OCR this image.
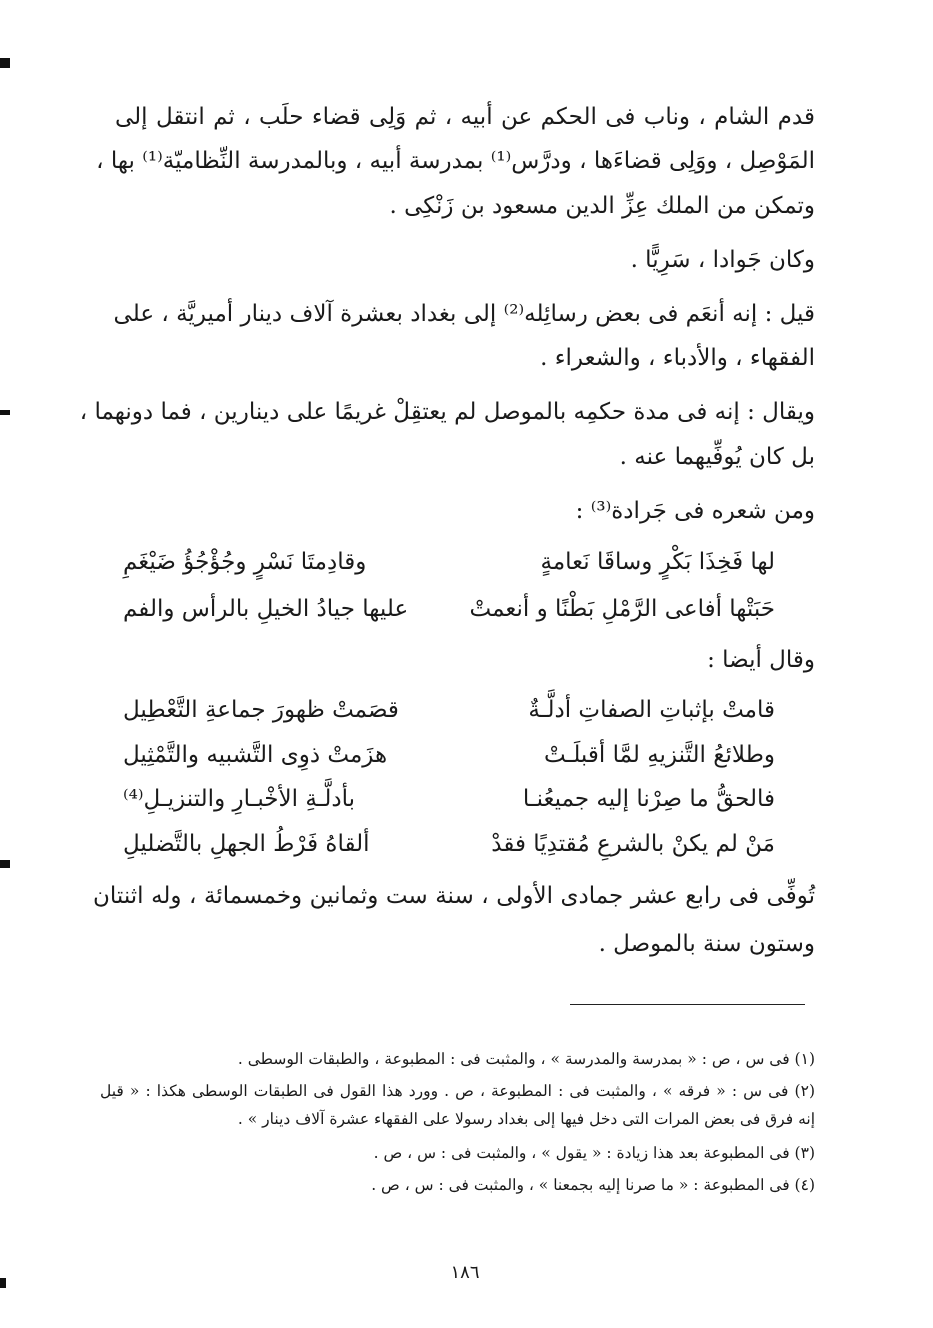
قدم الشام ، وناب فى الحكم عن أبيه ، ثم وَلِى قضاء حلَب ، ثم انتقل إلى
المَوْصِل ، ووَلِى قضاءَها ، ودرَّس⁽¹⁾ بمدرسة أبيه ، وبالمدرسة النِّظاميّة⁽¹⁾ بها ،
وتمكن من الملك عِزِّ الدين مسعود بن زَنْكِى .
وكان جَوادا ، سَرِيًّا .
قيل : إنه أنعَم فى بعض رسائِله⁽²⁾ إلى بغداد بعشرة آلاف دينار أميريَّة ، على
الفقهاء ، والأدباء ، والشعراء .
ويقال : إنه فى مدة حكمِه بالموصل لم يعتقِلْ غريمًا على دينارين ، فما دونهما ،
بل كان يُوفِّيهما عنه .
ومن شعره فى جَرادة⁽³⁾ :
لها فَخِذَا بَكْرٍ وساقَا نَعامةٍ
وقادِمتَا نَسْرٍ وجُؤْجُؤُ ضَيْغَمِ
حَبَتْها أفاعى الرَّمْلِ بَطْنًا و أنعمتْ
عليها جيادُ الخيلِ بالرأس والفم
وقال أيضا :
قامتْ بإثباتِ الصفاتِ أدلَّـةٌ
قصَمتْ ظهورَ جماعةِ التَّعْطِيل
وطلائعُ التَّنزيهِ لمَّا أقبلَـتْ
هزَمتْ ذوِى التَّشبيه والتَّمْثِيل
فالحقُّ ما صِرْنا إليه جميعُنـا
بأدلَّـةِ الأخْبـارِ والتنزيـلِ⁽⁴⁾
مَنْ لم يكنْ بالشرعِ مُقتدِيًا فقدْ
ألقاهُ فَرْطُ الجهلِ بالتَّضليلِ
تُوفِّى فى رابع عشر جمادى الأولى ، سنة ست وثمانين وخمسمائة ، وله اثنتان
وستون سنة بالموصل .
(١) فى س ، ص : « بمدرسة والمدرسة » ، والمثبت فى : المطبوعة ، والطبقات الوسطى .
(٢) فى س : « فرقه » ، والمثبت فى : المطبوعة ، ص . وورد هذا القول فى الطبقات الوسطى هكذا : « قيل
إنه فرق فى بعض المرات التى دخل فيها إلى بغداد رسولا على الفقهاء عشرة آلاف دينار » .
(٣) فى المطبوعة بعد هذا زيادة : « يقول » ، والمثبت فى : س ، ص .
(٤) فى المطبوعة : « ما صرنا إليه بجمعنا » ، والمثبت فى : س ، ص .
١٨٦
